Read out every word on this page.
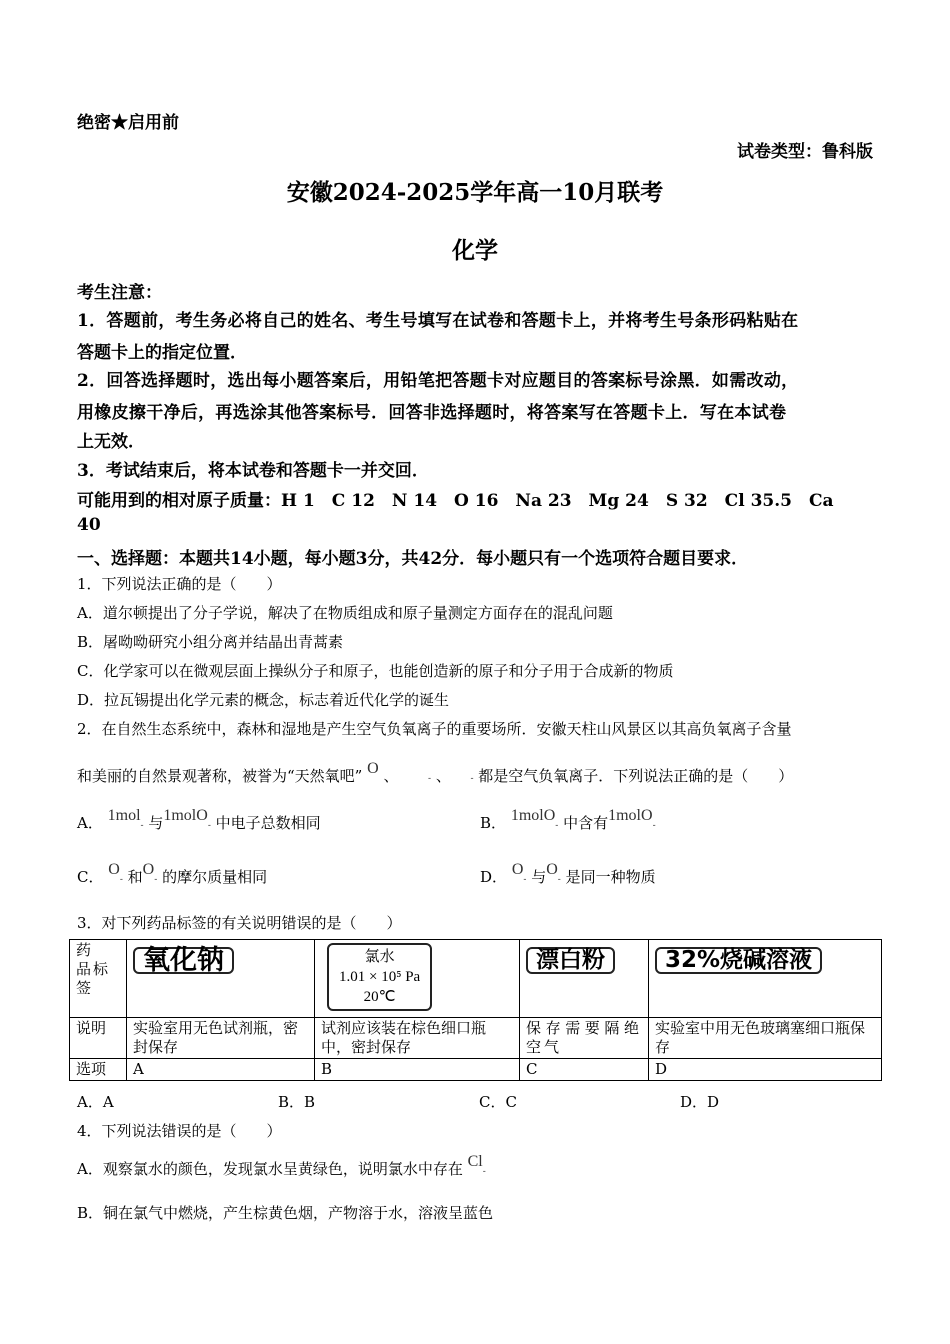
绝密★启用前
试卷类型：鲁科版
安徽2024-2025学年高一10月联考
化学
考生注意：
1．答题前，考生务必将自己的姓名、考生号填写在试卷和答题卡上，并将考生号条形码粘贴在
答题卡上的指定位置．
2．回答选择题时，选出每小题答案后，用铅笔把答题卡对应题目的答案标号涂黑．如需改动，
用橡皮擦干净后，再选涂其他答案标号．回答非选择题时，将答案写在答题卡上．写在本试卷
上无效．
3．考试结束后，将本试卷和答题卡一并交回．
可能用到的相对原子质量：H 1　C 12　N 14　O 16　Na 23　Mg 24　S 32　Cl 35.5　Ca
40
一、选择题：本题共14小题，每小题3分，共42分．每小题只有一个选项符合题目要求．
1．下列说法正确的是（　　）
A．道尔顿提出了分子学说，解决了在物质组成和原子量测定方面存在的混乱问题
B．屠呦呦研究小组分离并结晶出青蒿素
C．化学家可以在微观层面上操纵分子和原子，也能创造新的原子和分子用于合成新的物质
D．拉瓦锡提出化学元素的概念，标志着近代化学的诞生
2．在自然生态系统中，森林和湿地是产生空气负氧离子的重要场所．安徽天柱山风景区以其高负氧离子含量
和美丽的自然景观著称，被誉为“天然氧吧” O 、	- 、 - 都是空气负氧离子．下列说法正确的是（　　）
A． 1mol- 与1molO- 中电子总数相同	B． 1molO- 中含有1molO-
C． O- 和O- 的摩尔质量相同	D． O- 与O- 是同一种物质
3．对下列药品标签的有关说明错误的是（　　）
药　品标签	氧化钠	氯水
1.01 × 10⁵ Pa
20℃	漂白粉	32%烧碱溶液
说明	实验室用无色试剂瓶，密封保存	试剂应该装在棕色细口瓶中，密封保存	保存需要隔绝空气	实验室中用无色玻璃塞细口瓶保存
选项	A	B	C	D
A．A	B．B	C．C	D．D
4．下列说法错误的是（　　）
A．观察氯水的颜色，发现氯水呈黄绿色，说明氯水中存在 Cl-
B．铜在氯气中燃烧，产生棕黄色烟，产物溶于水，溶液呈蓝色
